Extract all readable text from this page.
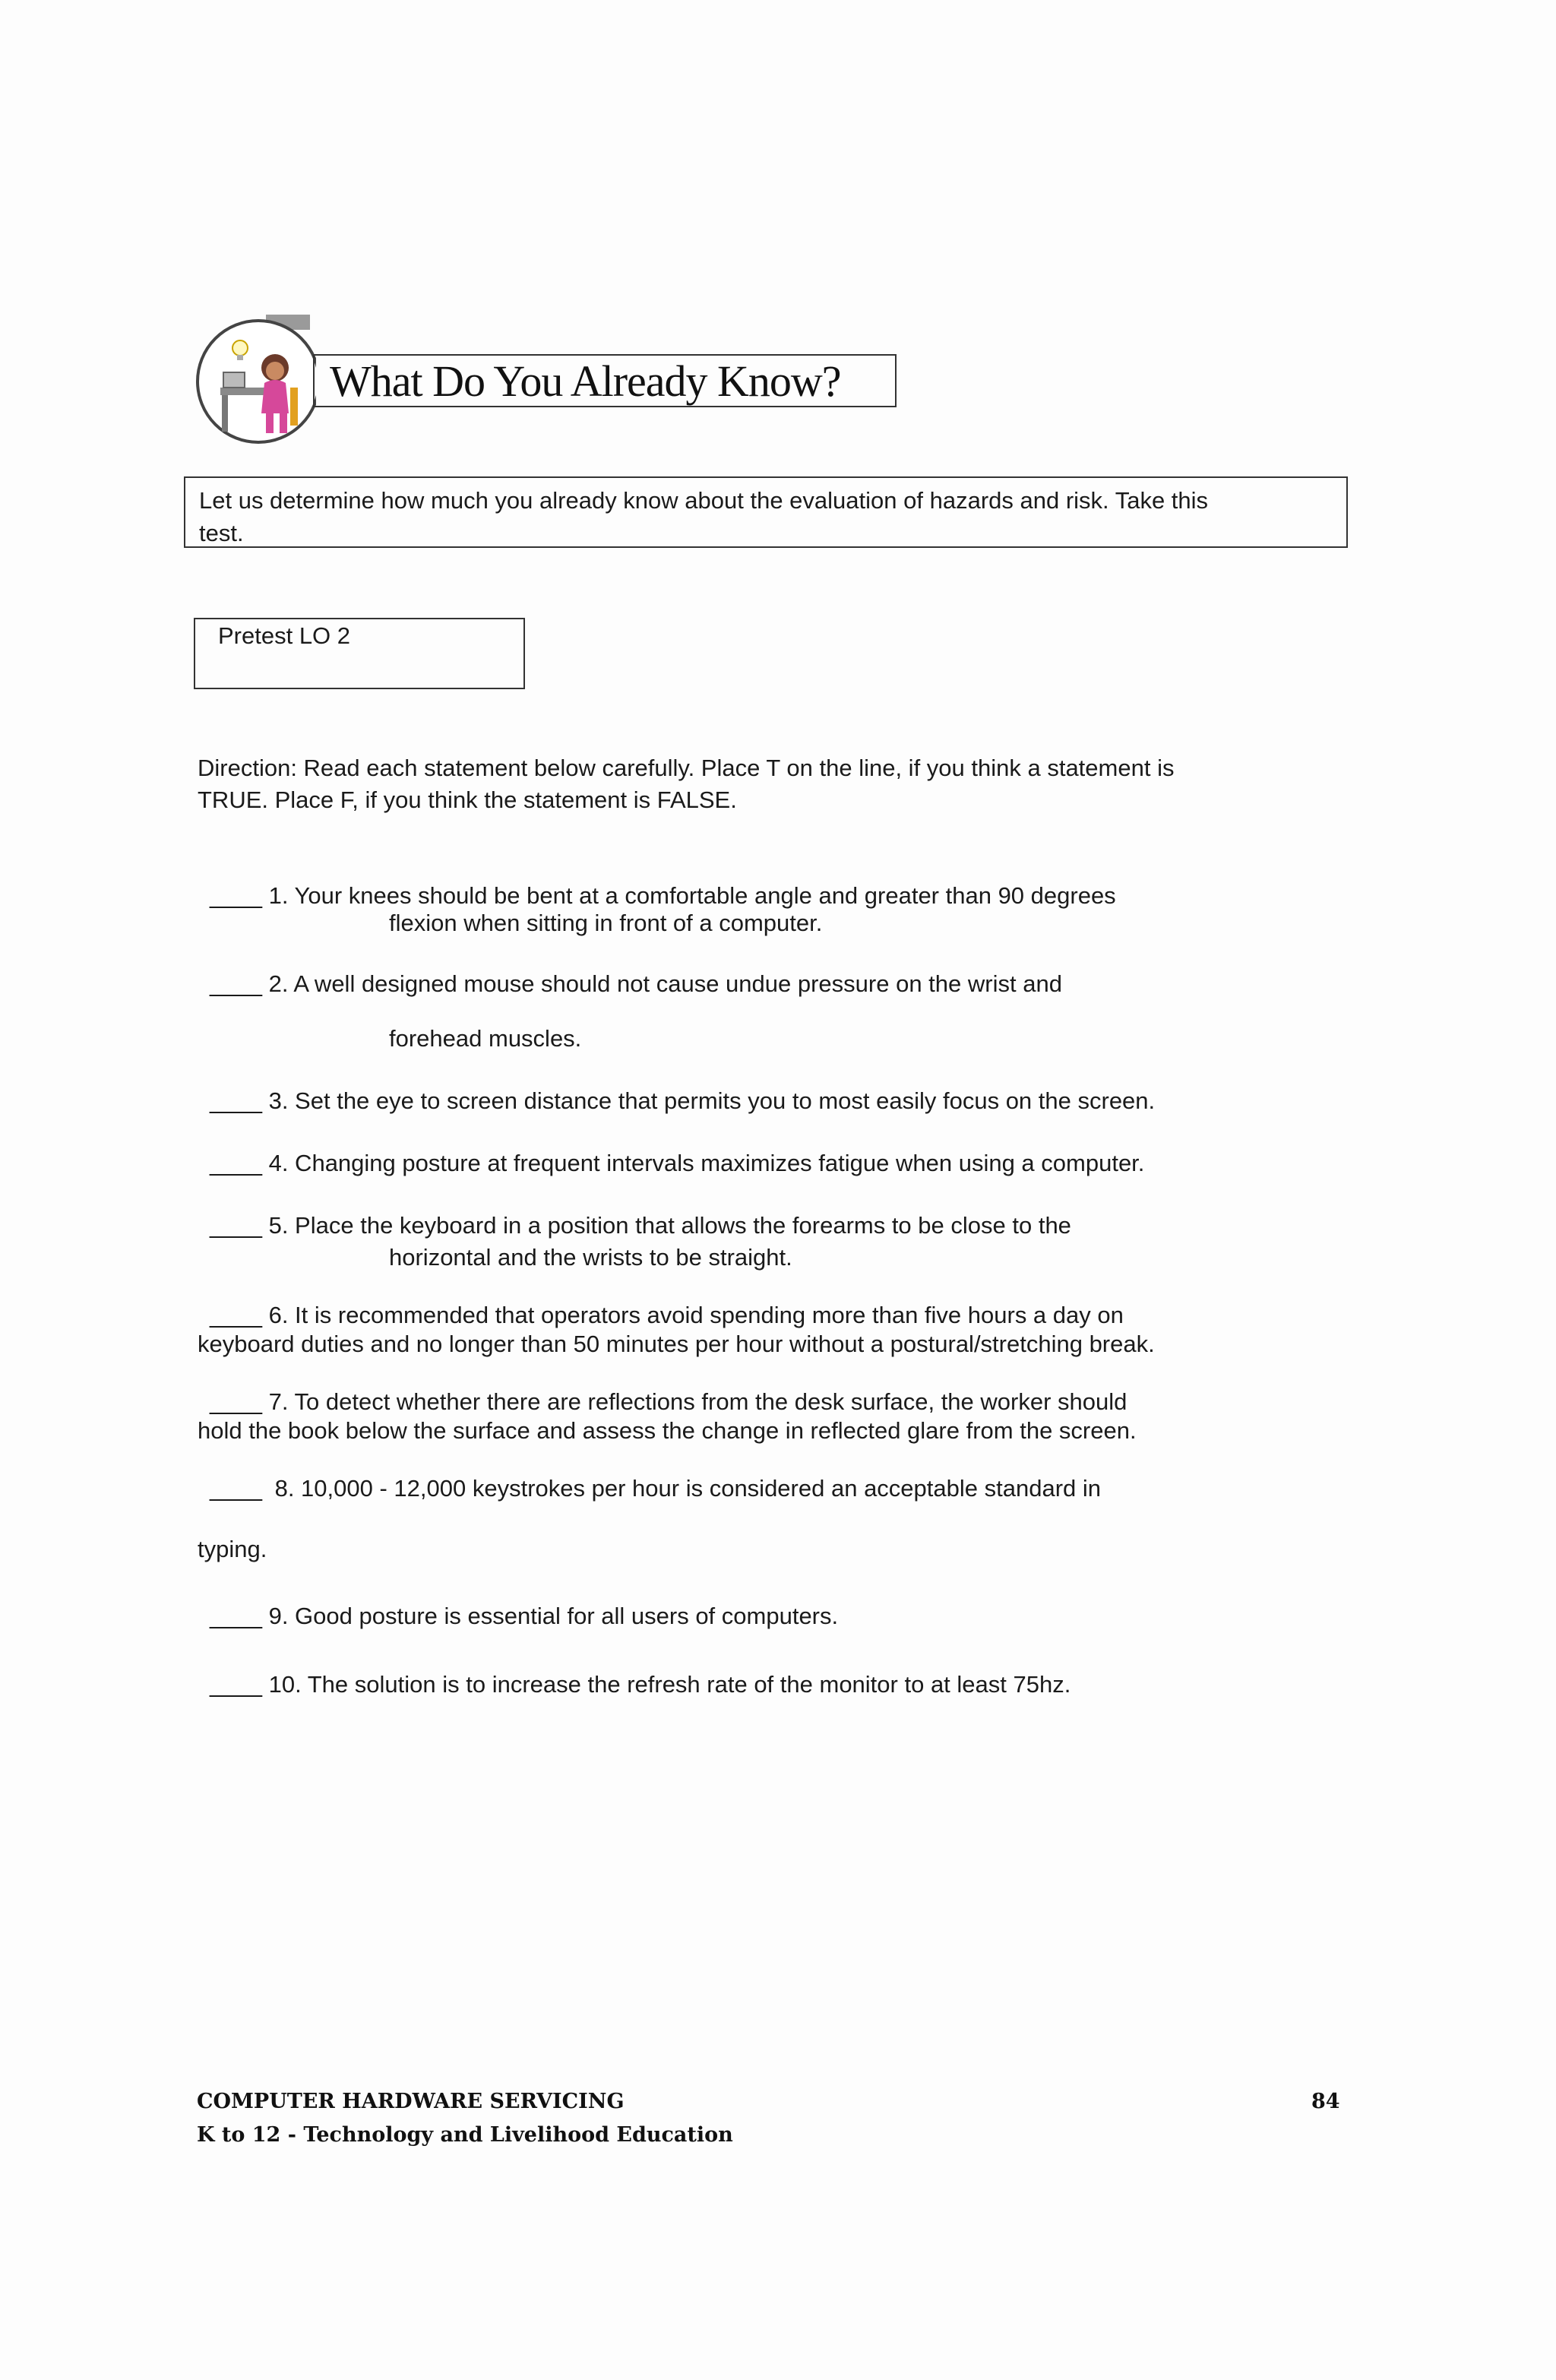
What Do You Already Know?
Let us determine how much you already know about the evaluation of hazards and risk. Take this
test.
Pretest LO 2
Direction: Read each statement below carefully. Place T on the line, if you think a statement is
TRUE. Place F, if you think the statement is FALSE.
____ 1. Your knees should be bent at a comfortable angle and greater than 90 degrees
flexion when sitting in front of a computer.
____ 2. A well designed mouse should not cause undue pressure on the wrist and
forehead muscles.
____ 3. Set the eye to screen distance that permits you to most easily focus on the screen.
____ 4. Changing posture at frequent intervals maximizes fatigue when using a computer.
____ 5. Place the keyboard in a position that allows the forearms to be close to the
horizontal and the wrists to be straight.
____ 6. It is recommended that operators avoid spending more than five hours a day on
keyboard duties and no longer than 50 minutes per hour without a postural/stretching break.
____ 7. To detect whether there are reflections from the desk surface, the worker should
hold the book below the surface and assess the change in reflected glare from the screen.
____ 8. 10,000 - 12,000 keystrokes per hour is considered an acceptable standard in
typing.
____ 9. Good posture is essential for all users of computers.
____ 10. The solution is to increase the refresh rate of the monitor to at least 75hz.
COMPUTER HARDWARE SERVICING
K to 12 - Technology and Livelihood Education
84
